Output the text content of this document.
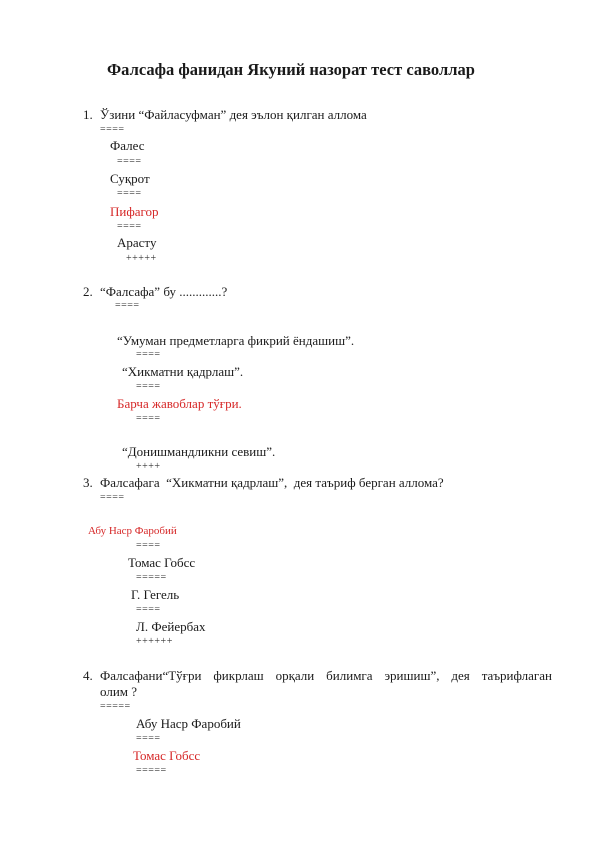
Фалсафа фанидан Якуний назорат тест саволлар
1. Ўзини “Файласуфман” дея эълон қилган аллома
====
Фалес
====
Суқрот
====
Пифагор
====
Арасту
+++++
2. “Фалсафа” бу .............?
====
“Умуман предметларга фикрий ёндашиш”.
====
“Хикматни қадрлаш”.
====
Барча жавоблар тўғри.
====
“Донишмандликни севиш”.
++++
3. Фалсафага  “Хикматни қадрлаш”,  дея таъриф берган аллома?
====
Абу Наср Фаробий
====
Томас Гобсс
=====
Г. Гегель
====
Л. Фейербах
++++++
4. Фалсафани“Тўғри фикрлаш орқали билимга эришиш”, дея таърифлаган
олим ?
=====
Абу Наср Фаробий
====
Томас Гобсс
=====
